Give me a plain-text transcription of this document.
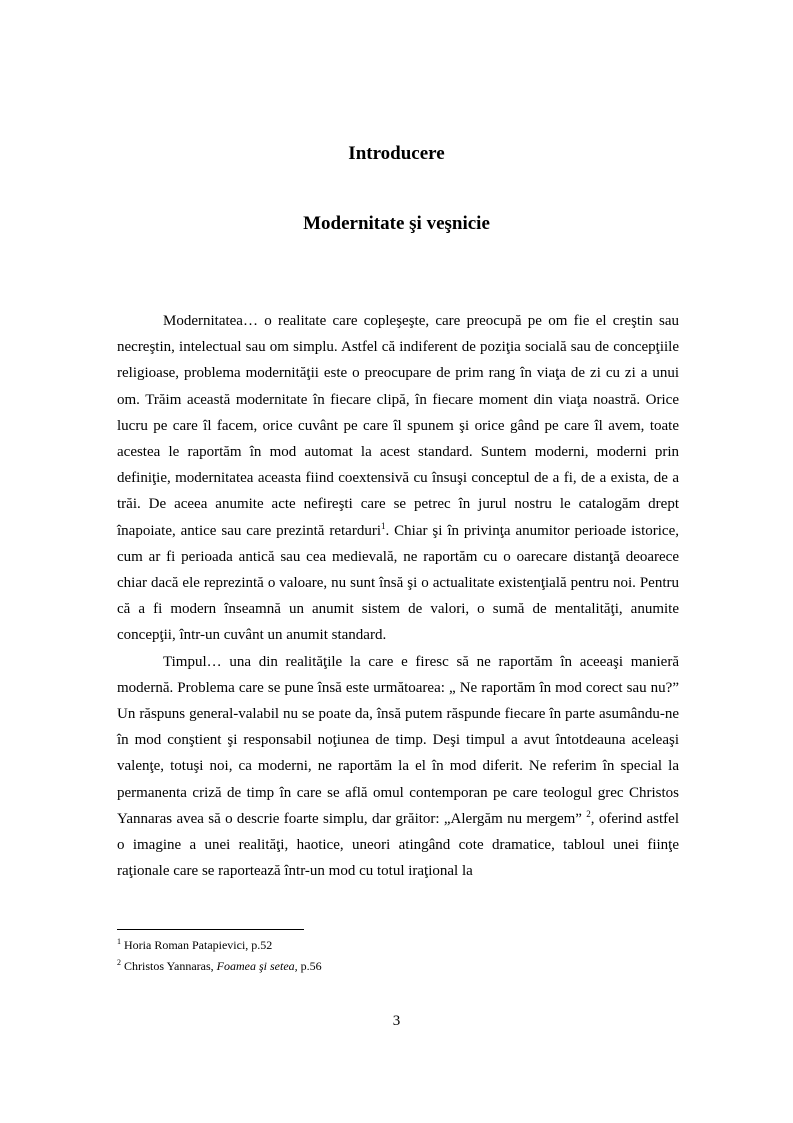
Introducere
Modernitate şi veşnicie

Modernitatea… o realitate care copleşeşte, care preocupă pe om fie el creştin sau necreştin, intelectual sau om simplu. Astfel că indiferent de poziţia socială sau de concepţiile religioase, problema modernităţii este o preocupare de prim rang în viaţa de zi cu zi a unui om. Trăim această modernitate în fiecare clipă, în fiecare moment din viaţa noastră. Orice lucru pe care îl facem, orice cuvânt pe care îl spunem şi orice gând pe care îl avem, toate acestea le raportăm în mod automat la acest standard. Suntem moderni, moderni prin definiţie, modernitatea aceasta fiind coextensivă cu însuşi conceptul de a fi, de a exista, de a trăi. De aceea anumite acte nefireşti care se petrec în jurul nostru le catalogăm drept înapoiate, antice sau care prezintă retarduri$^1$. Chiar şi în privinţa anumitor perioade istorice, cum ar fi perioada antică sau cea medievală, ne raportăm cu o oarecare distanţă deoarece chiar dacă ele reprezintă o valoare, nu sunt însă şi o actualitate existenţială pentru noi. Pentru că a fi modern înseamnă un anumit sistem de valori, o sumă de mentalităţi, anumite concepţii, într-un cuvânt un anumit standard.

Timpul… una din realităţile la care e firesc să ne raportăm în aceeaşi manieră modernă. Problema care se pune însă este următoarea: „ Ne raportăm în mod corect sau nu?” Un răspuns general-valabil nu se poate da, însă putem răspunde fiecare în parte asumându-ne în mod conştient şi responsabil noţiunea de timp. Deşi timpul a avut întotdeauna aceleaşi valenţe, totuşi noi, ca moderni, ne raportăm la el în mod diferit. Ne referim în special la permanenta criză de timp în care se află omul contemporan pe care teologul grec Christos Yannaras avea să o descrie foarte simplu, dar grăitor: „Alergăm nu mergem” $^2$, oferind astfel o imagine a unei realităţi, haotice, uneori atingând cote dramatice, tabloul unei fiinţe raţionale care se raportează într-un mod cu totul iraţional la

$^1$ Horia Roman Patapievici, p.52
$^2$ Christos Yannaras, Foamea şi setea, p.56
3
